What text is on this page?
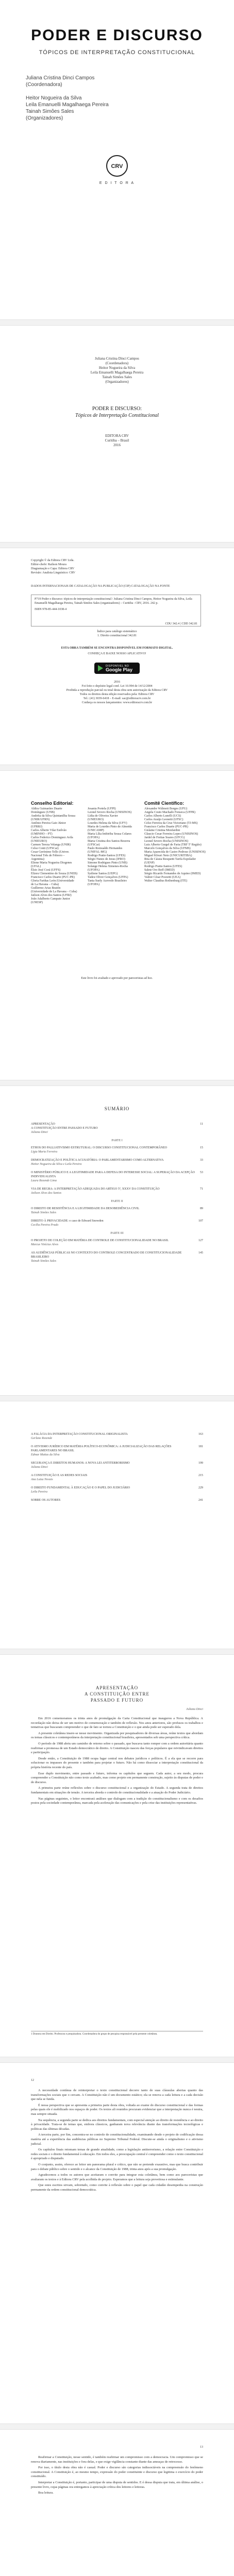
PODER E DISCURSO
TÓPICOS DE INTERPRETAÇÃO CONSTITUCIONAL
Juliana Cristina Dinci Campos
(Coordenadora)

Heitor Nogueira da Silva
Leila Emanuelli Magalhaega Pereira
Tainah Simões Sales
(Organizadores)
CRV
E D I T O R A
Juliana Cristina Dinci Campos
(Coordenadora)
Heitor Nogueira da Silva
Leila Emanuelli Magalhaega Pereira
Tainah Simões Sales
(Organizadores)
PODER E DISCURSO:
Tópicos de Interpretação Constitucional
EDITORA CRV
Curitiba – Brasil
2016
Copyright © da Editora CRV Ltda.
Editor-chefe: Railson Moura
Diagramação e Capa: Editora CRV
Revisão: Analista Linguístico: CRV
DADOS INTERNACIONAIS DE CATALOGAÇÃO NA PUBLICAÇÃO (CIP) CATALOGAÇÃO NA FONTE
P719 Poder e discurso: tópicos de interpretação constitucional / Juliana Cristina Dinci Campos, Heitor Nogueira da Silva, Leila Emanuelli Magalhaega Pereira, Tainah Simões Sales (organizadores) – Curitiba : CRV, 2016. 242 p.
ISBN 978-85-444-1038-4
CDU 342.4 | CDD 342.81
Índice para catálogo sistemático
1. Direito constitucional 342.81
ESTA OBRA TAMBÉM SE ENCONTRA DISPONÍVEL EM FORMATO DIGITAL.
CONHEÇA E BAIXE NOSSO APLICATIVO!
DISPONÍVEL NO
Google Play
2016
Foi feito o depósito legal conf. Lei 10.994 de 14/12/2004
Proibida a reprodução parcial ou total desta obra sem autorização da Editora CRV
Todos os direitos desta edição reservados pela: Editora CRV
Tel.: (41) 3039-6418 – E-mail: sac@editoracrv.com.br
Conheça os nossos lançamentos: www.editoracrv.com.br
Conselho Editorial:
Aldira Guimarães Duarte Domínguez (UNB)
Andréia da Silva Quintanilha Sousa (UNIR/UFRN)
Antônio Pereira Gaio Júnior (UFRRJ)
Carlos Alberto Vilar Estêvão (UMINHO – PT)
Carlos Federico Dominguez Avila (UNIEURO)
Carmen Tereza Velanga (UNIR)
Celso Conti (UFSCar)
Cesar Gerónimo Tello (Univer. Nacional Três de Febrero – Argentina)
Elione Maria Nogueira Diogenes (UFAL)
Élsio José Corá (UFFS)
Elizeu Clementino de Souza (UNEB)
Francisco Carlos Duarte (PUC-PR)
Gloria Fariñas León (Universidade de La Havana – Cuba)
Guillermo Arias Beatón (Universidade de La Havana – Cuba)
Jailson Alves dos Santos (UFRJ)
João Adalberto Campato Junior (UNESP)
Josania Portela (UFPI)
Leonel Severo Rocha (UNISINOS)
Lídia de Oliveira Xavier (UNIEURO)
Lourdes Helena da Silva (UFV)
Maria de Lourdes Pinto de Almeida (UNICAMP)
Maria Lília Imbiriba Sousa Colares (UFOPA)
Maria Cristina dos Santos Bezerra (UFSCar)
Paulo Romualdo Hernandes (UNIFAL-MG)
Rodrigo Pratte-Santos (UFES)
Sérgio Nunes de Jesus (IFRO)
Simone Rodrigues Pinto (UNB)
Solange Helena Ximenes-Rocha (UFOPA)
Sydione Santos (UEPG)
Tadeu Oliver Gonçalves (UFPA)
Tania Suely Azevedo Brasileiro (UFOPA)
Comitê Científico:
Alexandre Wálmott Borges (UFU)
Angela Couto Machado Fonseca (UFPR)
Carlos Alberto Lunelli (UCS)
Carlos Araújo Leonetti (UFSC)
Celso Ferreira da Cruz Victoriano (TJ-MS)
Francisco Carlos Duarte (PUC-PR)
Gislaine Cristina Monfardini
Glaucio Cesar Ferreira Lopes (UNISINOS)
Jardel de Freitas Soares (UFCG)
Leonel Severo Rocha (UNISINOS)
Luiz Alberto Gurgel de Faria (TRF 5ª Região)
Marcelo Gonçalves da Silva (UFMS)
Maria Aparecida de Castro Pedroso (UNISINOS)
Miguel Kfouri Neto (UNICURITIBA)
Rita de Cássia Resquetti Tarifa Espolador (UENP)
Rodrigo Pratte-Santos (UFES)
Salete Oro Boff (IMED)
Sérgio Ricardo Fernandes de Aquino (IMED)
Valmir César Pozzetti (UEA)
Walter Claudius Rothenburg (ITE)
Este livro foi avaliado e aprovado por pareceristas ad hoc.
SUMÁRIO
APRESENTAÇÃO
A CONSTITUIÇÃO ENTRE PASSADO E FUTURO
Juliana Dinci
11
PARTE I
ETHOS DO PALLIATIVISMO ESTRUTURAL: O DISCURSO CONSTITUCIONAL CONTEMPORÂNEO
Lígia Maria Ferreira
15
DEMOCRATIZAÇÃO E POLÍTICA ACUSATÓRIA: O PARLAMENTARISMO COMO ALTERNATIVA
Heitor Nogueira da Silva e Leila Pereira
33
O MINISTÉRIO PÚBLICO E A LEGITIMIDADE PARA A DEFESA DO INTERESSE SOCIAL: A SUPERAÇÃO DA ACEPÇÃO INDIVIDUALISTA
Laura Rezende Lima
53
VIA DE REGRA: A INTERPRETAÇÃO ADEQUADA DO ARTIGO 5º, XXXV DA CONSTITUIÇÃO
Jailson Alves dos Santos
71
PARTE II
O DIREITO DE RESISTÊNCIA E A LEGITIMIDADE DA DESOBEDIÊNCIA CIVIL
Tainah Simões Sales
89
DIREITO À PRIVACIDADE: o caso de Edward Snowden
Cecília Pereira Prado
107
PARTE III
O PROJETO DE COLEÇÃO EM MATÉRIA DE CONTROLE DE CONSTITUCIONALIDADE NO BRASIL
Marcus Vinícius Alves
127
AS AUDIÊNCIAS PÚBLICAS NO CONTEXTO DO CONTROLE CONCENTRADO DE CONSTITUCIONALIDADE BRASILEIRO
Tainah Simões Sales
145
A FALÁCIA DA INTERPRETAÇÃO CONSTITUCIONAL ORIGINALISTA
Gerlane Rezende
163
O ATIVISMO JURÍDICO EM MATÉRIA POLÍTICO-ECONÔMICA: A JUDICIALIZAÇÃO DAS RELAÇÕES PARLAMENTARES NO BRASIL
Edmar Matias da Silva
181
SEGURANÇA E DIREITOS HUMANOS: A NOVA LEI ANTITERRORISMO
Juliana Dinci
199
A CONSTITUIÇÃO E AS REDES SOCIAIS
Ana Luiza Novais
215
O DIREITO FUNDAMENTAL À EDUCAÇÃO E O PAPEL DO JUDICIÁRIO
Leila Pereira
229
SOBRE OS AUTORES	241
APRESENTAÇÃO
A CONSTITUIÇÃO ENTRE
PASSADO E FUTURO
Juliana Dinci

Em 2016 comemoramos os trinta anos de promulgação da Carta Constitucional que inaugurou a Nova República. A recordação não deixa de ser um motivo de comemoração e também de reflexão. Nos anos anteriores, são profusos os trabalhos e tentativas que buscaram compreender o que de fato se tornou a Constituição e o que ainda pode ser esperado dela.

A presente coletânea insere-se nesse movimento. Organizada por pesquisadores de diversas áreas, reúne textos que abordam os temas clássicos e contemporâneos da interpretação constitucional brasileira, apresentados sob uma perspectiva crítica.

O período de 1988 abriu um caminho de retorno sobre o passado, que buscava tanto romper com a ordem autoritária quanto reafirmar a promessa de um Estado democrático de direito. A Constituição nasceu das forças populares que reivindicavam direitos e participação.

Desde então, a Constituição de 1988 ocupa lugar central nos debates jurídicos e políticos. É a ela que se recorre para solucionar os impasses do presente e também para projetar o futuro. Não há como dissociar a interpretação constitucional da própria história recente do país.

Esse duplo movimento, entre passado e futuro, informa os capítulos que seguem. Cada autor, a seu modo, procura compreender a Constituição não como texto acabado, mas como projeto em permanente construção, sujeito às disputas de poder e de discurso.

A primeira parte reúne reflexões sobre o discurso constitucional e a organização do Estado. A segunda trata de direitos fundamentais em situações de tensão. A terceira aborda o controle de constitucionalidade e a atuação do Poder Judiciário.

Nas páginas seguintes, o leitor encontrará análises que dialogam com a tradição do constitucionalismo e com os desafios postos pela sociedade contemporânea, marcada pela aceleração das comunicações e pela crise das instituições representativas.

1 Doutora em Direito. Professora e pesquisadora. Coordenadora do grupo de pesquisa responsável pela presente coletânea.
12

A necessidade contínua de reinterpretar o texto constitucional decorre tanto de suas cláusulas abertas quanto das transformações sociais que o cercam. A Constituição não é um documento estático; ela se renova a cada leitura e a cada decisão que nela se funda.

É nessa perspectiva que se apresenta a primeira parte desta obra, voltada ao exame do discurso constitucional e das formas pelas quais ele é mobilizado nos espaços de poder. Os textos ali reunidos procuram evidenciar que a interpretação nunca é neutra, mas sempre situada.

Na sequência, a segunda parte se dedica aos direitos fundamentais, com especial atenção ao direito de resistência e ao direito à privacidade. Trata-se de temas que, embora clássicos, ganharam nova relevância diante das transformações tecnológicas e políticas das últimas décadas.

A terceira parte, por fim, concentra-se no controle de constitucionalidade, examinando desde o projeto de codificação dessa matéria até a experiência das audiências públicas no Supremo Tribunal Federal. Discute-se ainda o originalismo e o ativismo judicial.

Os capítulos finais retomam temas de grande atualidade, como a legislação antiterrorismo, a relação entre Constituição e redes sociais e o direito fundamental à educação. Em todos eles, a preocupação central é compreender como o texto constitucional é apropriado e disputado.

O conjunto, assim, oferece ao leitor um panorama plural e crítico, que não se pretende exaustivo, mas que busca contribuir para o debate público sobre o sentido e o alcance da Constituição de 1988, trinta anos após a sua promulgação.

Agradecemos a todos os autores que aceitaram o convite para integrar esta coletânea, bem como aos pareceristas que avaliaram os textos e à Editora CRV pela acolhida do projeto. Esperamos que a leitura seja proveitosa e estimulante.

Que estes escritos sirvam, sobretudo, como convite à reflexão sobre o papel que cada cidadão desempenha na construção permanente da ordem constitucional democrática.

13

Reafirmar a Constituição, nesse sentido, é também reafirmar um compromisso com a democracia. Um compromisso que se renova diariamente, nas instituições e fora delas, e que exige vigilância constante diante das ameaças de retrocesso.

Por isso, o título desta obra não é casual. Poder e discurso são categorias indissociáveis na compreensão do fenômeno constitucional. A Constituição é, ao mesmo tempo, expressão do poder constituinte e discurso que legitima o exercício do poder constituído.

Interpretar a Constituição é, portanto, participar de uma disputa de sentidos. E é dessa disputa que trata, em última análise, o presente livro, cujas páginas ora entregamos à apreciação crítica dos leitores e leitoras.

Boa leitura.
